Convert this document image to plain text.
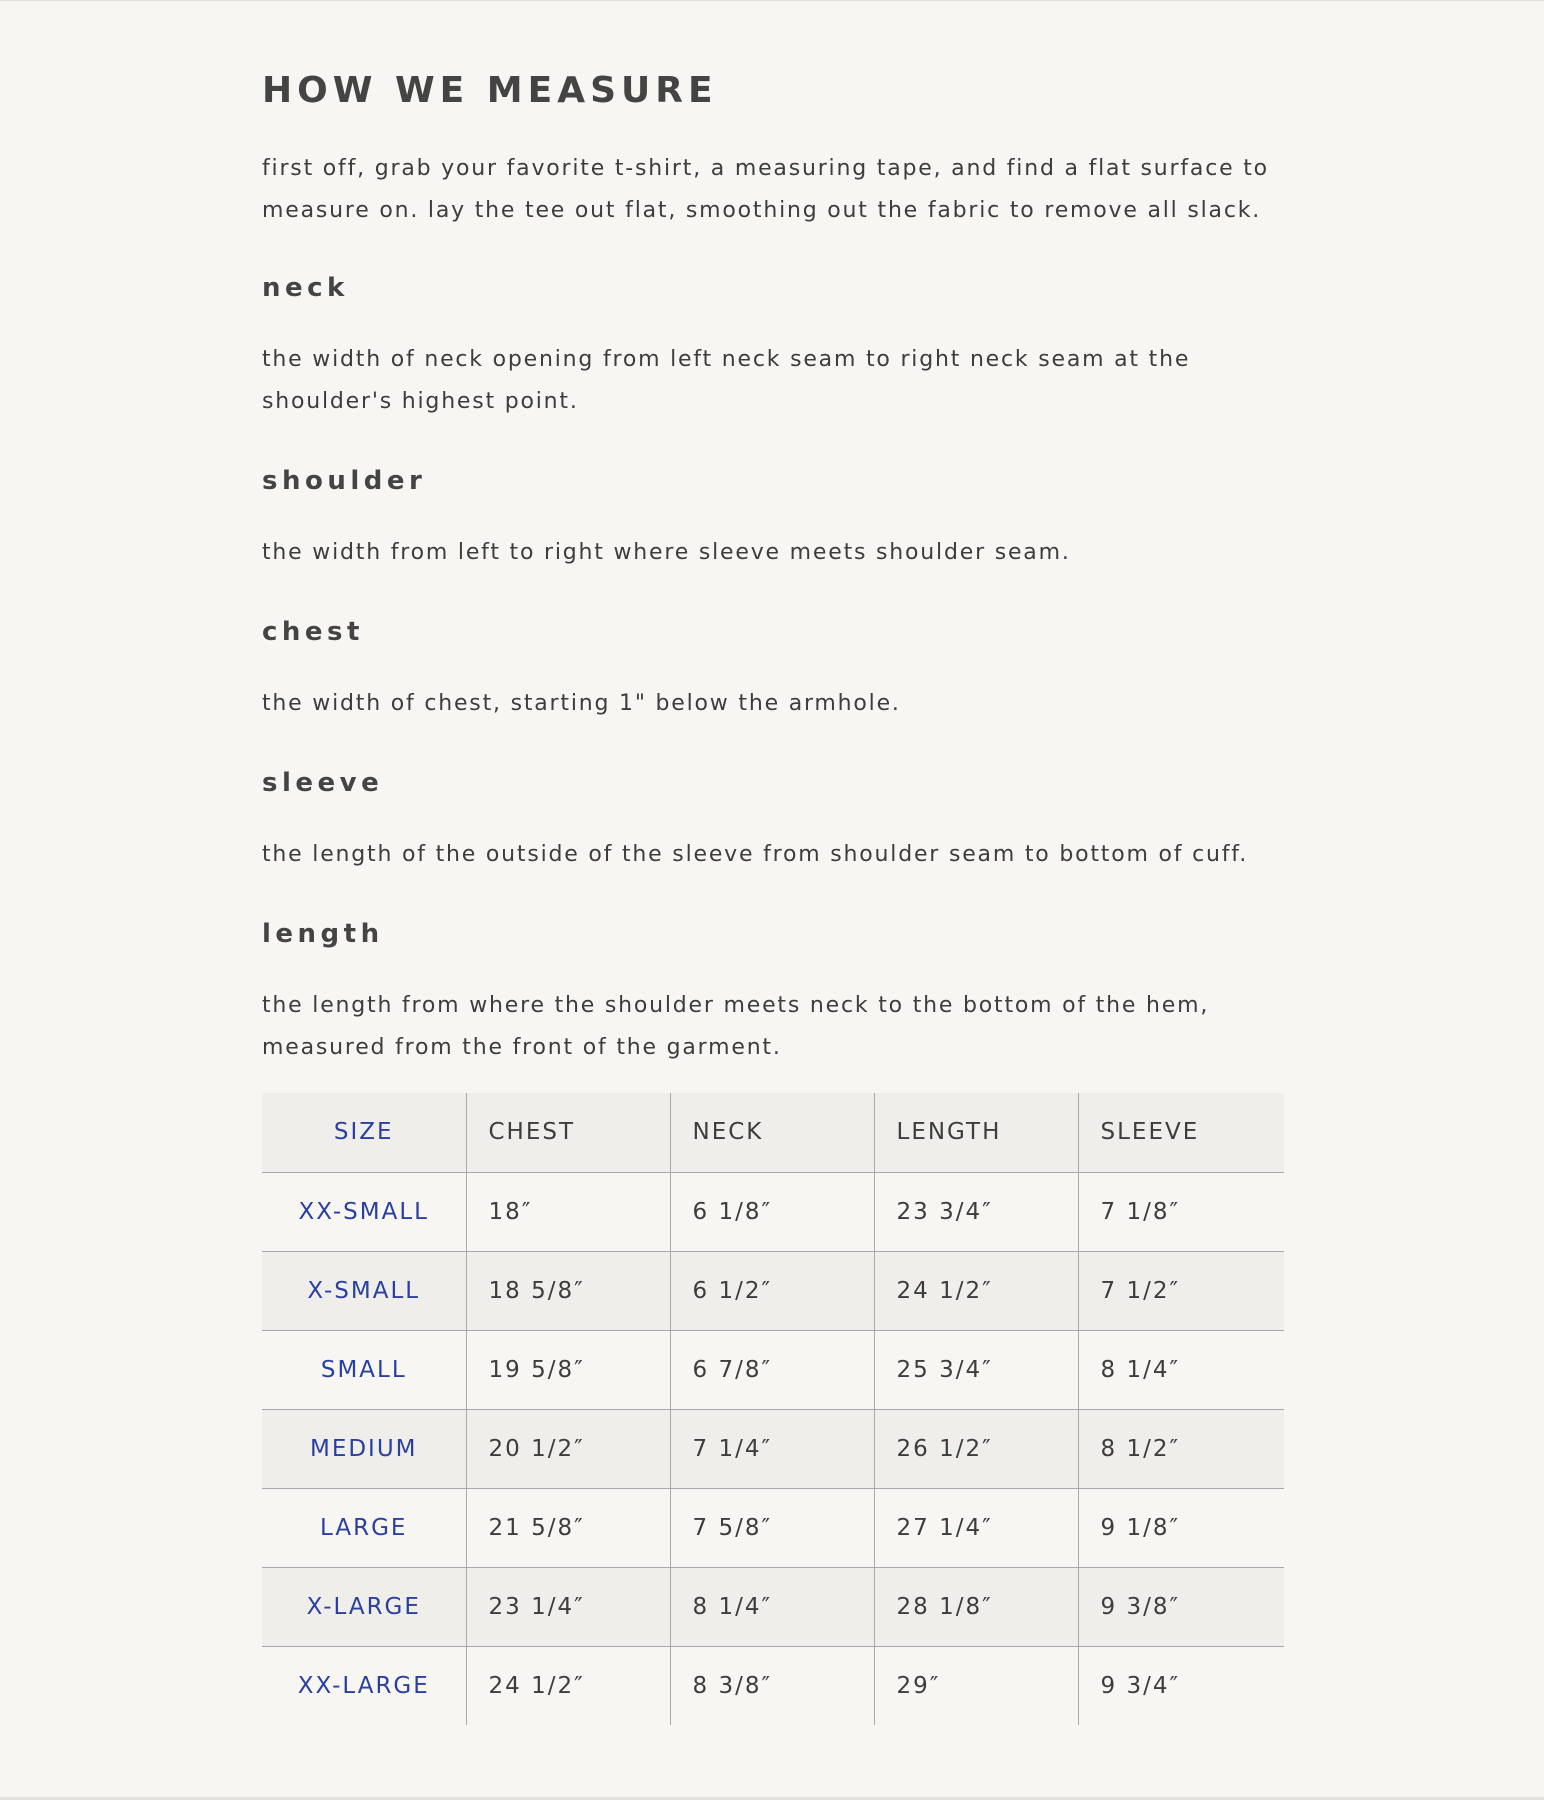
HOW WE MEASURE

first off, grab your favorite t-shirt, a measuring tape, and find a flat surface to measure on. lay the tee out flat, smoothing out the fabric to remove all slack.

neck

the width of neck opening from left neck seam to right neck seam at the shoulder's highest point.

shoulder

the width from left to right where sleeve meets shoulder seam.

chest

the width of chest, starting 1" below the armhole.

sleeve

the length of the outside of the sleeve from shoulder seam to bottom of cuff.

length

the length from where the shoulder meets neck to the bottom of the hem, measured from the front of the garment.

SIZE	CHEST	NECK	LENGTH	SLEEVE
XX-SMALL	18″	6 1/8″	23 3/4″	7 1/8″
X-SMALL	18 5/8″	6 1/2″	24 1/2″	7 1/2″
SMALL	19 5/8″	6 7/8″	25 3/4″	8 1/4″
MEDIUM	20 1/2″	7 1/4″	26 1/2″	8 1/2″
LARGE	21 5/8″	7 5/8″	27 1/4″	9 1/8″
X-LARGE	23 1/4″	8 1/4″	28 1/8″	9 3/8″
XX-LARGE	24 1/2″	8 3/8″	29″	9 3/4″
